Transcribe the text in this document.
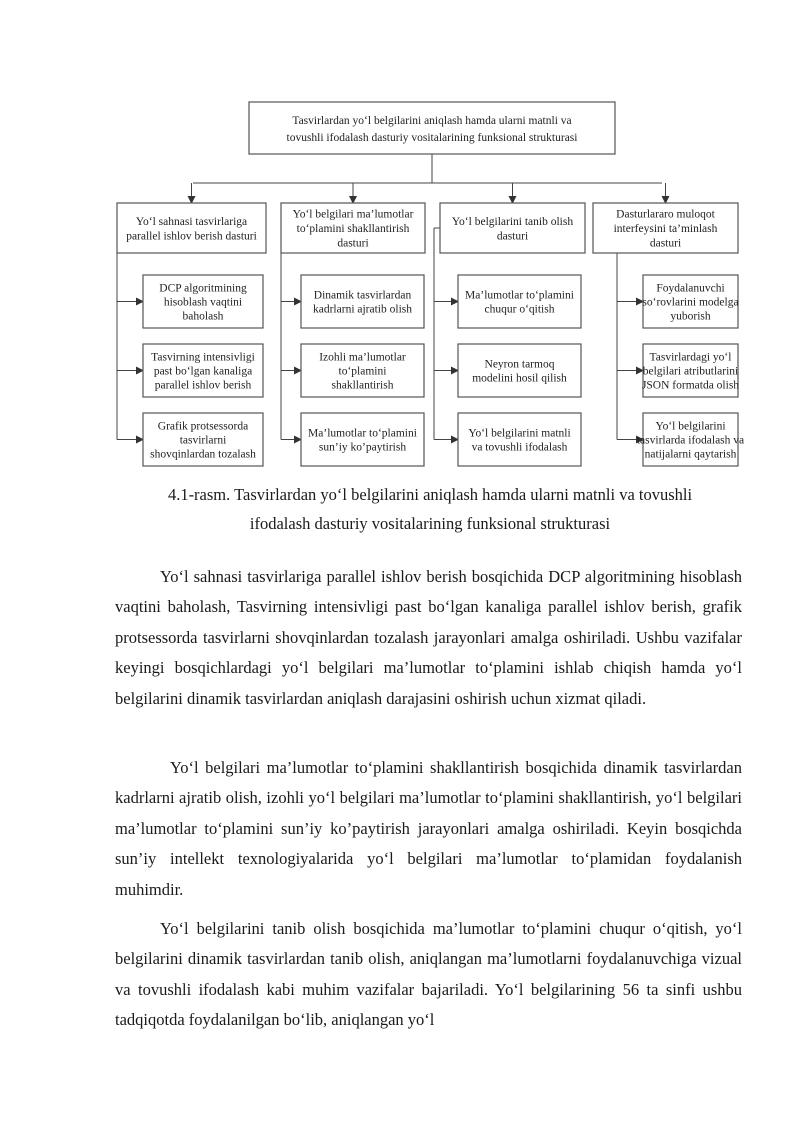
Tasvirlardan yo‘l belgilarini aniqlash hamda ularni matnli va
tovushli ifodalash dasturiy vositalarining funksional strukturasi
Yo‘l sahnasi tasvirlariga
parallel ishlov berish dasturi
DCP algoritmining
hisoblash vaqtini
baholash
Tasvirning intensivligi
past bo‘lgan kanaliga
parallel ishlov berish
Grafik protsessorda
tasvirlarni
shovqinlardan tozalash
Yo‘l belgilari ma’lumotlar
to‘plamini shakllantirish
dasturi
Dinamik tasvirlardan
kadrlarni ajratib olish
Izohli ma’lumotlar
to‘plamini
shakllantirish
Ma’lumotlar to‘plamini
sun’iy ko’paytirish
Yo‘l belgilarini tanib olish
dasturi
Ma’lumotlar to‘plamini
chuqur o‘qitish
Neyron tarmoq
modelini hosil qilish
Yo‘l belgilarini matnli
va tovushli ifodalash
Dasturlararo muloqot
interfeysini ta’minlash
dasturi
Foydalanuvchi
so‘rovlarini modelga
yuborish
Tasvirlardagi yo‘l
belgilari atributlarini
JSON formatda olish
Yo‘l belgilarini
tasvirlarda ifodalash va
natijalarni qaytarish
4.1-rasm. Tasvirlardan yo‘l belgilarini aniqlash hamda ularni matnli va tovushli
ifodalash dasturiy vositalarining funksional strukturasi

Yo‘l sahnasi tasvirlariga parallel ishlov berish bosqichida DCP algoritmining hisoblash vaqtini baholash, Tasvirning intensivligi past bo‘lgan kanaliga parallel ishlov berish, grafik protsessorda tasvirlarni shovqinlardan tozalash jarayonlari amalga oshiriladi. Ushbu vazifalar keyingi bosqichlardagi yo‘l belgilari ma’lumotlar to‘plamini ishlab chiqish hamda yo‘l belgilarini dinamik tasvirlardan aniqlash darajasini oshirish uchun xizmat qiladi.

Yo‘l belgilari ma’lumotlar to‘plamini shakllantirish bosqichida dinamik tasvirlardan kadrlarni ajratib olish, izohli yo‘l belgilari ma’lumotlar to‘plamini shakllantirish, yo‘l belgilari ma’lumotlar to‘plamini sun’iy ko’paytirish jarayonlari amalga oshiriladi. Keyin bosqichda sun’iy intellekt texnologiyalarida yo‘l belgilari ma’lumotlar to‘plamidan foydalanish muhimdir.

Yo‘l belgilarini tanib olish bosqichida ma’lumotlar to‘plamini chuqur o‘qitish, yo‘l belgilarini dinamik tasvirlardan tanib olish, aniqlangan ma’lumotlarni foydalanuvchiga vizual va tovushli ifodalash kabi muhim vazifalar bajariladi. Yo‘l belgilarining 56 ta sinfi ushbu tadqiqotda foydalanilgan bo‘lib, aniqlangan yo‘l
